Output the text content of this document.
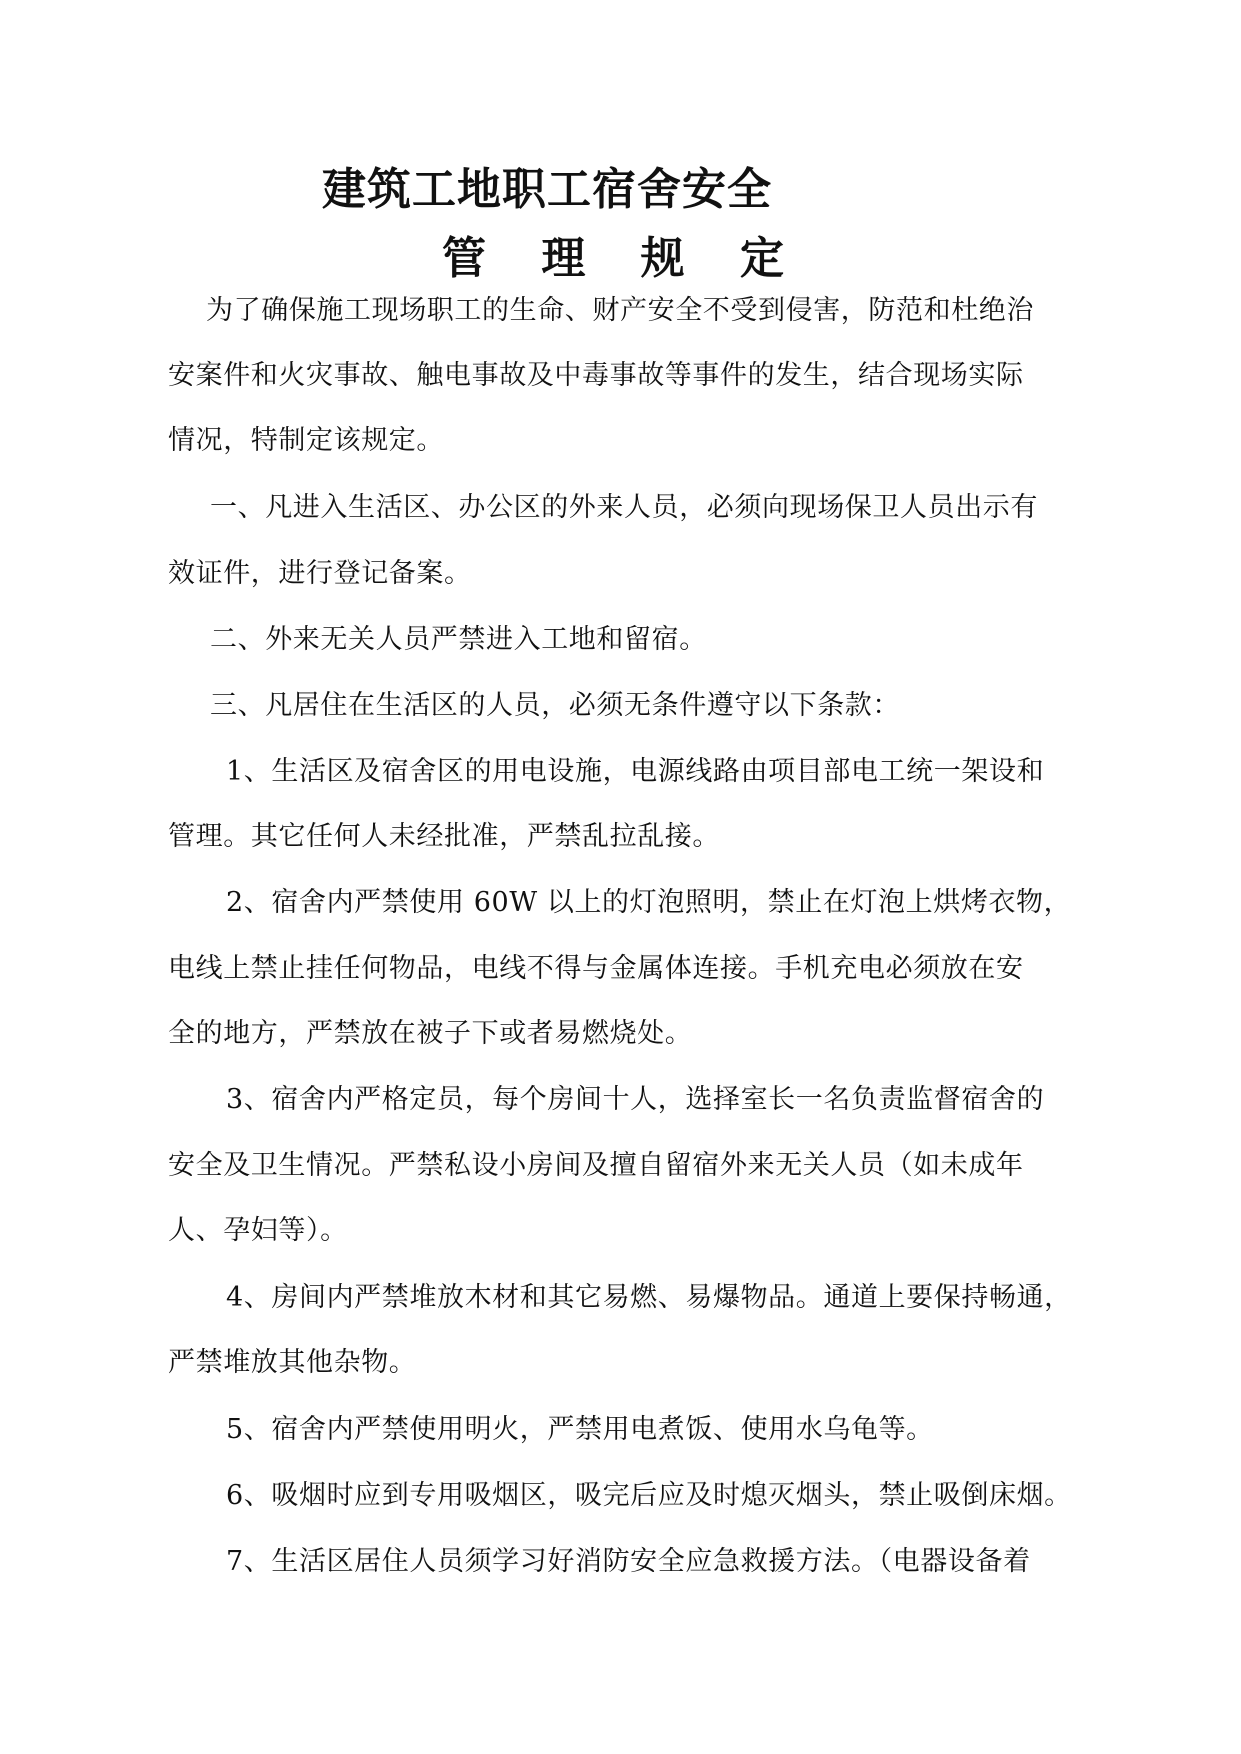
建筑工地职工宿舍安全
管 理 规 定
为了确保施工现场职工的生命、财产安全不受到侵害，防范和杜绝治
安案件和火灾事故、触电事故及中毒事故等事件的发生，结合现场实际
情况，特制定该规定。
一、凡进入生活区、办公区的外来人员，必须向现场保卫人员出示有
效证件，进行登记备案。
二、外来无关人员严禁进入工地和留宿。
三、凡居住在生活区的人员，必须无条件遵守以下条款：
1、生活区及宿舍区的用电设施，电源线路由项目部电工统一架设和
管理。其它任何人未经批准，严禁乱拉乱接。
2、宿舍内严禁使用 60W 以上的灯泡照明，禁止在灯泡上烘烤衣物，
电线上禁止挂任何物品，电线不得与金属体连接。手机充电必须放在安
全的地方，严禁放在被子下或者易燃烧处。
3、宿舍内严格定员，每个房间十人，选择室长一名负责监督宿舍的
安全及卫生情况。严禁私设小房间及擅自留宿外来无关人员（如未成年
人、孕妇等）。
4、房间内严禁堆放木材和其它易燃、易爆物品。通道上要保持畅通，
严禁堆放其他杂物。
5、宿舍内严禁使用明火，严禁用电煮饭、使用水乌龟等。
6、吸烟时应到专用吸烟区，吸完后应及时熄灭烟头，禁止吸倒床烟。
7、生活区居住人员须学习好消防安全应急救援方法。（电器设备着
